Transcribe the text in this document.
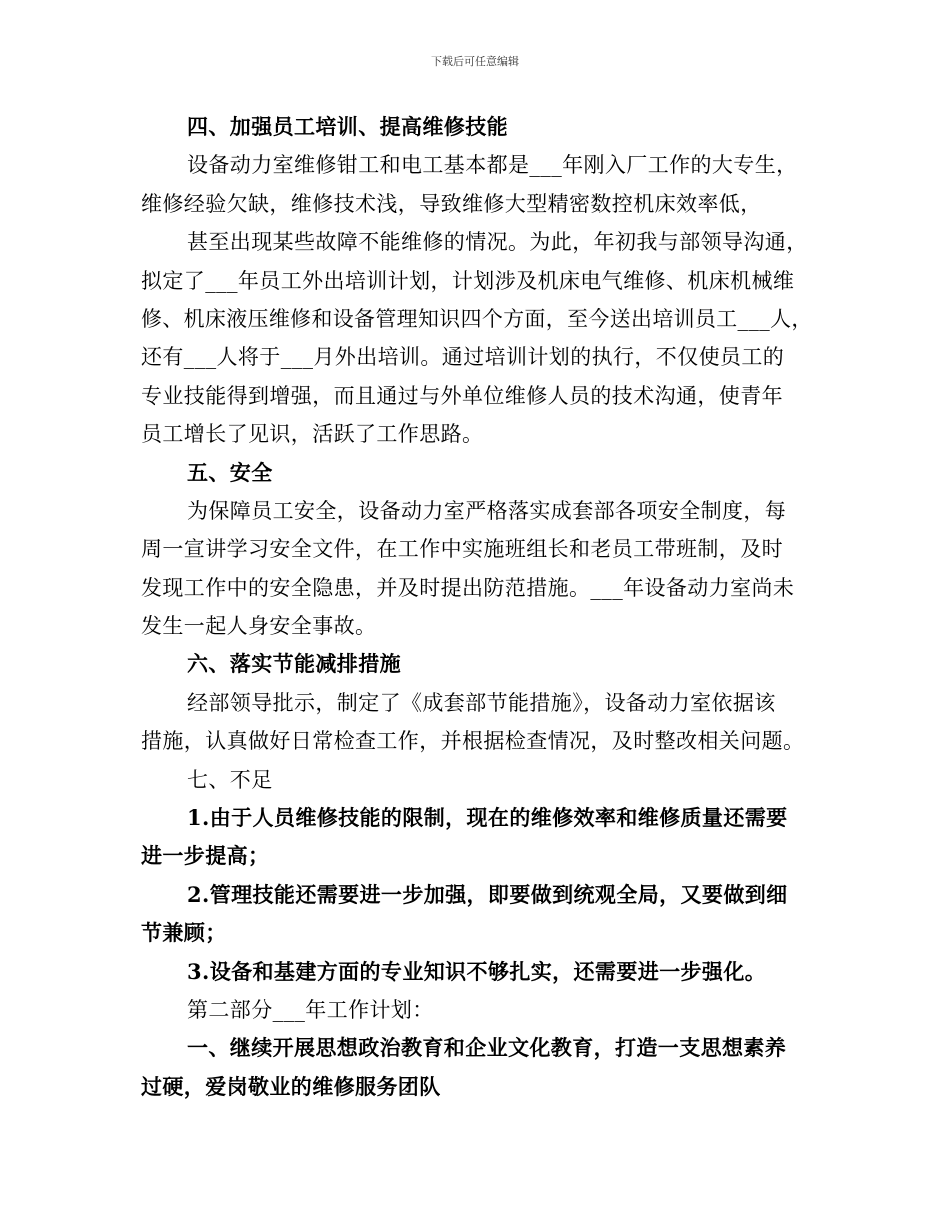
下载后可任意编辑
四、加强员工培训、提高维修技能
设备动力室维修钳工和电工基本都是___年刚入厂工作的大专生，
维修经验欠缺，维修技术浅，导致维修大型精密数控机床效率低，
甚至出现某些故障不能维修的情况。为此，年初我与部领导沟通，
拟定了___年员工外出培训计划，计划涉及机床电气维修、机床机械维
修、机床液压维修和设备管理知识四个方面，至今送出培训员工___人，
还有___人将于___月外出培训。通过培训计划的执行，不仅使员工的
专业技能得到增强，而且通过与外单位维修人员的技术沟通，使青年
员工增长了见识，活跃了工作思路。
五、安全
为保障员工安全，设备动力室严格落实成套部各项安全制度，每
周一宣讲学习安全文件，在工作中实施班组长和老员工带班制，及时
发现工作中的安全隐患，并及时提出防范措施。___年设备动力室尚未
发生一起人身安全事故。
六、落实节能减排措施
经部领导批示，制定了《成套部节能措施》，设备动力室依据该
措施，认真做好日常检查工作，并根据检查情况，及时整改相关问题。
七、不足
1.由于人员维修技能的限制，现在的维修效率和维修质量还需要
进一步提高；
2.管理技能还需要进一步加强，即要做到统观全局，又要做到细
节兼顾；
3.设备和基建方面的专业知识不够扎实，还需要进一步强化。
第二部分___年工作计划：
一、继续开展思想政治教育和企业文化教育，打造一支思想素养
过硬，爱岗敬业的维修服务团队
